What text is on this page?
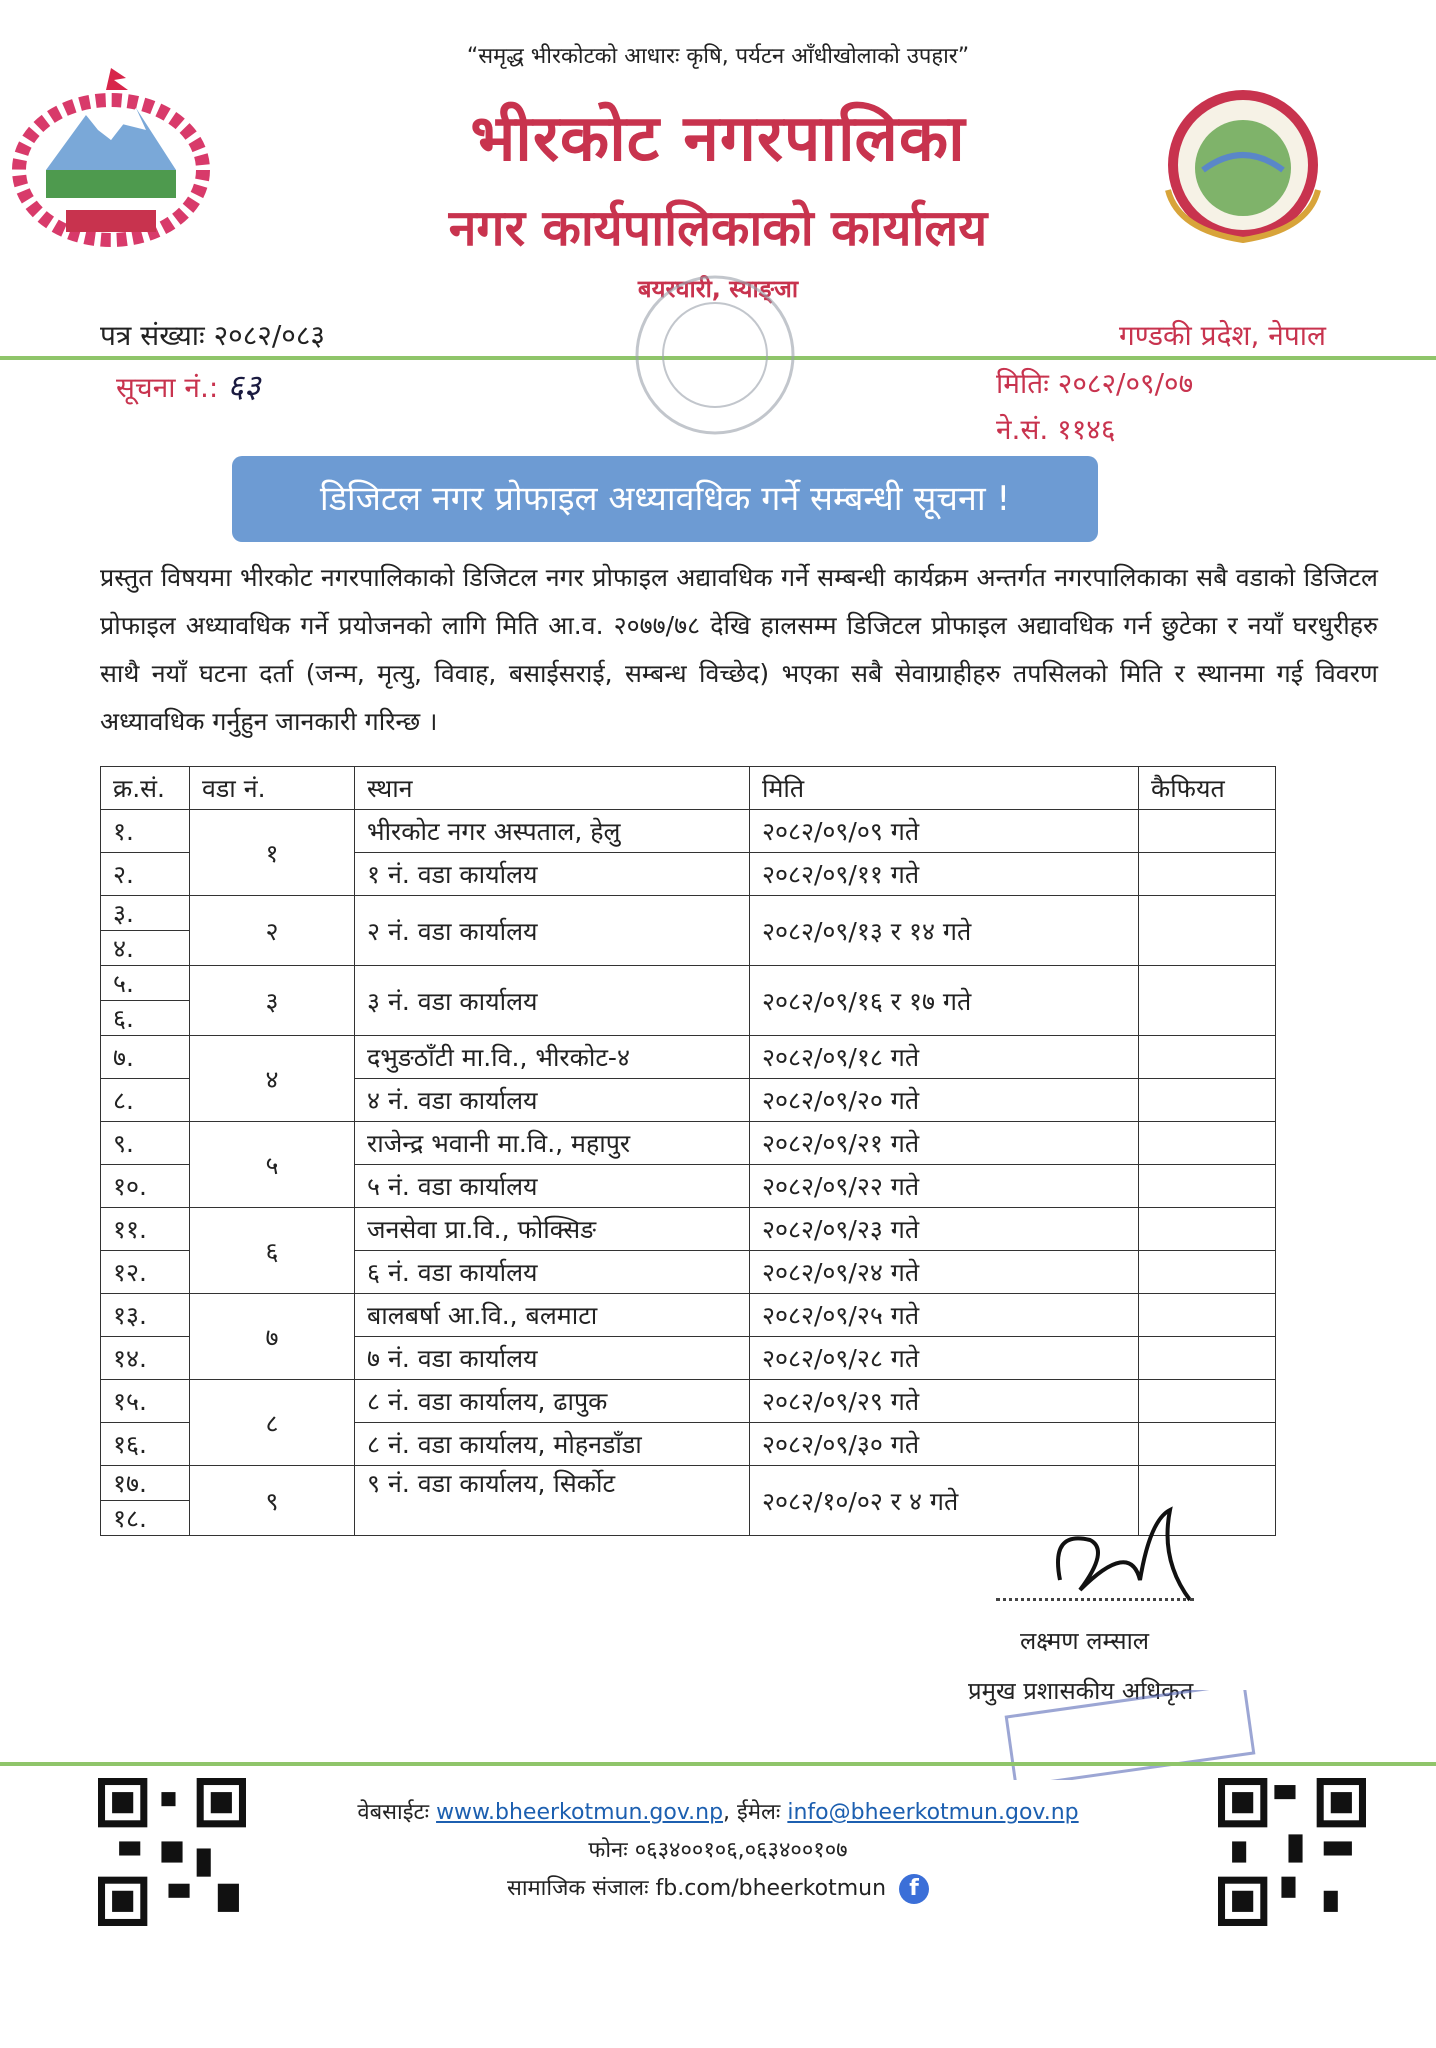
“समृद्ध भीरकोटको आधारः कृषि, पर्यटन आँधीखोलाको उपहार”
भीरकोट नगरपालिका
नगर कार्यपालिकाको कार्यालय
बयरघारी, स्याङ्जा
पत्र संख्याः २०८२/०८३
सूचना नं.: ६३
गण्डकी प्रदेश, नेपाल
मितिः २०८२/०९/०७
ने.सं. ११४६
डिजिटल नगर प्रोफाइल अध्यावधिक गर्ने सम्बन्धी सूचना !
प्रस्तुत विषयमा भीरकोट नगरपालिकाको डिजिटल नगर प्रोफाइल अद्यावधिक गर्ने सम्बन्धी कार्यक्रम अन्तर्गत नगरपालिकाका सबै वडाको डिजिटल प्रोफाइल अध्यावधिक गर्ने प्रयोजनको लागि मिति आ.व. २०७७/७८ देखि हालसम्म डिजिटल प्रोफाइल अद्यावधिक गर्न छुटेका र नयाँ घरधुरीहरु साथै नयाँ घटना दर्ता (जन्म, मृत्यु, विवाह, बसाईसराई, सम्बन्ध विच्छेद) भएका सबै सेवाग्राहीहरु तपसिलको मिति र स्थानमा गई विवरण अध्यावधिक गर्नुहुन जानकारी गरिन्छ ।
क्र.सं.	वडा नं.	स्थान	मिति	कैफियत
१.	१	भीरकोट नगर अस्पताल, हेलु	२०८२/०९/०९ गते	
२.		१ नं. वडा कार्यालय	२०८२/०९/११ गते	
३.	२	२ नं. वडा कार्यालय	२०८२/०९/१३ र १४ गते	
४.				
५.	३	३ नं. वडा कार्यालय	२०८२/०९/१६ र १७ गते	
६.				
७.	४	दभुङठाँटी मा.वि., भीरकोट-४	२०८२/०९/१८ गते	
८.		४ नं. वडा कार्यालय	२०८२/०९/२० गते	
९.	५	राजेन्द्र भवानी मा.वि., महापुर	२०८२/०९/२१ गते	
१०.		५ नं. वडा कार्यालय	२०८२/०९/२२ गते	
११.	६	जनसेवा प्रा.वि., फोक्सिङ	२०८२/०९/२३ गते	
१२.		६ नं. वडा कार्यालय	२०८२/०९/२४ गते	
१३.	७	बालबर्षा आ.वि., बलमाटा	२०८२/०९/२५ गते	
१४.		७ नं. वडा कार्यालय	२०८२/०९/२८ गते	
१५.	८	८ नं. वडा कार्यालय, ढापुक	२०८२/०९/२९ गते	
१६.		८ नं. वडा कार्यालय, मोहनडाँडा	२०८२/०९/३० गते	
१७.	९	९ नं. वडा कार्यालय, सिर्कोट	२०८२/१०/०२ र ४ गते	
१८.				
लक्ष्मण लम्साल
प्रमुख प्रशासकीय अधिकृत
वेबसाईटः www.bheerkotmun.gov.np, ईमेलः info@bheerkotmun.gov.np
फोनः ०६३४००१०६,०६३४००१०७
सामाजिक संजालः fb.com/bheerkotmun f
